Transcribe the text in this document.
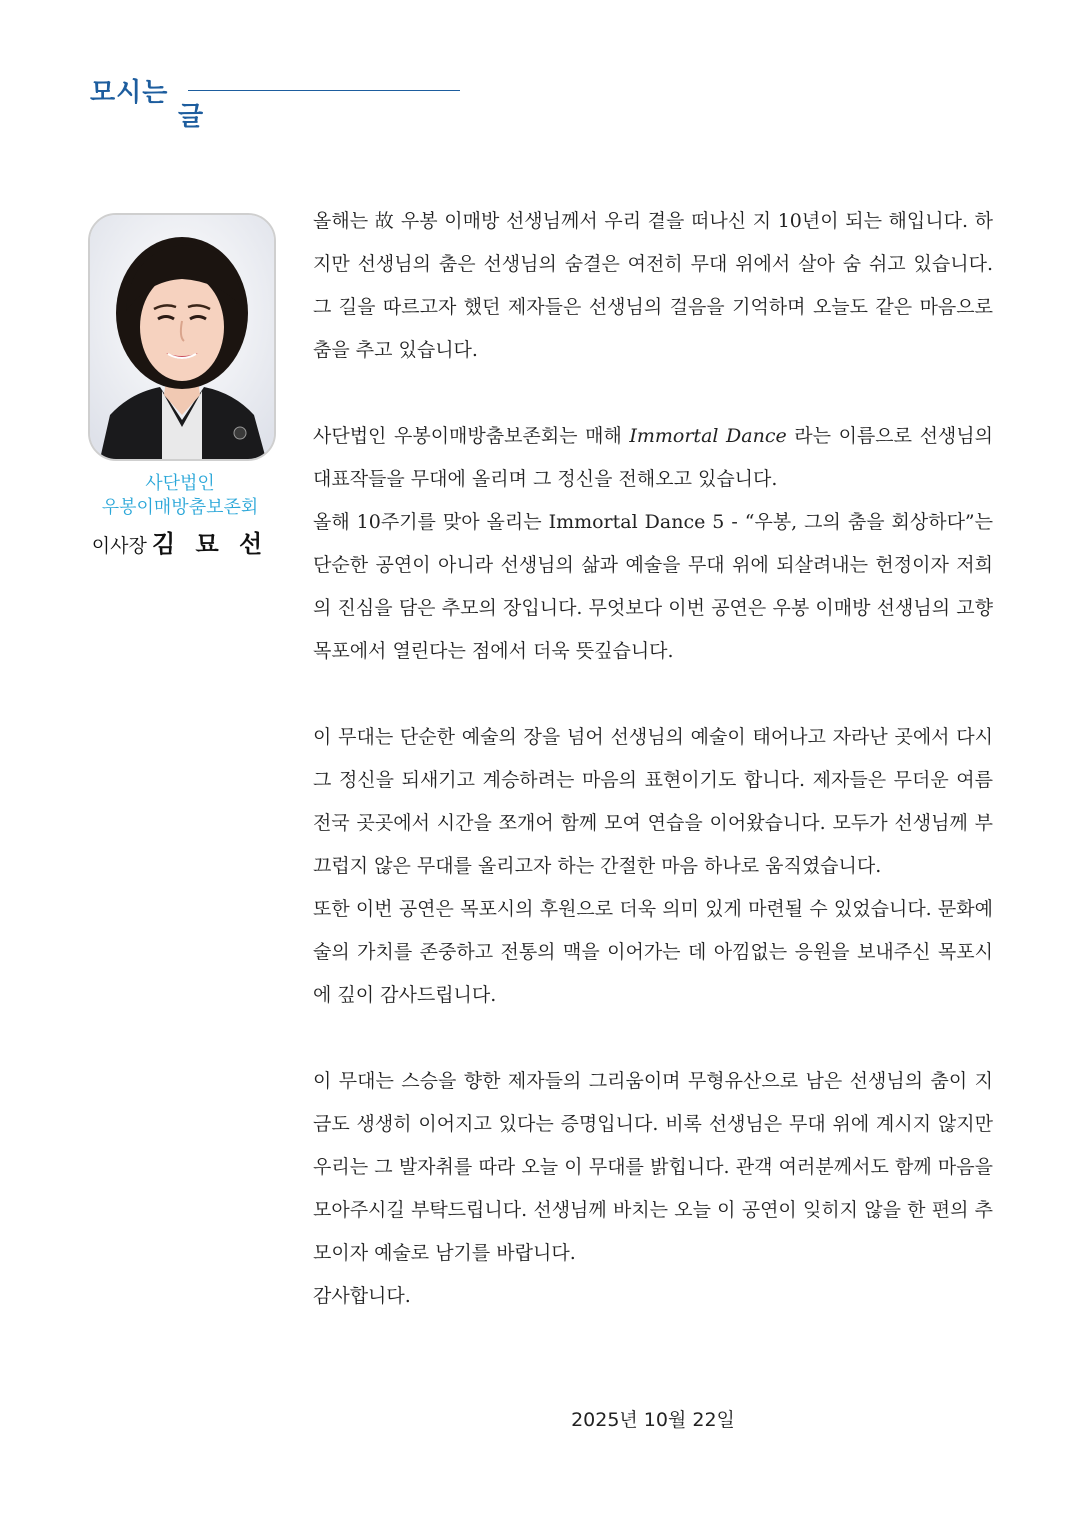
모시는
글
사단법인
우봉이매방춤보존회
이사장 김 묘 선

올해는 故 우봉 이매방 선생님께서 우리 곁을 떠나신 지 10년이 되는 해입니다. 하지만 선생님의 춤은 선생님의 숨결은 여전히 무대 위에서 살아 숨 쉬고 있습니다. 그 길을 따르고자 했던 제자들은 선생님의 걸음을 기억하며 오늘도 같은 마음으로 춤을 추고 있습니다.

사단법인 우봉이매방춤보존회는 매해 Immortal Dance 라는 이름으로 선생님의 대표작들을 무대에 올리며 그 정신을 전해오고 있습니다.

올해 10주기를 맞아 올리는 Immortal Dance 5 - “우봉, 그의 춤을 회상하다”는 단순한 공연이 아니라 선생님의 삶과 예술을 무대 위에 되살려내는 헌정이자 저희의 진심을 담은 추모의 장입니다. 무엇보다 이번 공연은 우봉 이매방 선생님의 고향 목포에서 열린다는 점에서 더욱 뜻깊습니다.

이 무대는 단순한 예술의 장을 넘어 선생님의 예술이 태어나고 자라난 곳에서 다시 그 정신을 되새기고 계승하려는 마음의 표현이기도 합니다. 제자들은 무더운 여름 전국 곳곳에서 시간을 쪼개어 함께 모여 연습을 이어왔습니다. 모두가 선생님께 부끄럽지 않은 무대를 올리고자 하는 간절한 마음 하나로 움직였습니다.

또한 이번 공연은 목포시의 후원으로 더욱 의미 있게 마련될 수 있었습니다. 문화예술의 가치를 존중하고 전통의 맥을 이어가는 데 아낌없는 응원을 보내주신 목포시에 깊이 감사드립니다.

이 무대는 스승을 향한 제자들의 그리움이며 무형유산으로 남은 선생님의 춤이 지금도 생생히 이어지고 있다는 증명입니다. 비록 선생님은 무대 위에 계시지 않지만 우리는 그 발자취를 따라 오늘 이 무대를 밝힙니다. 관객 여러분께서도 함께 마음을 모아주시길 부탁드립니다. 선생님께 바치는 오늘 이 공연이 잊히지 않을 한 편의 추모이자 예술로 남기를 바랍니다.

감사합니다.

2025년 10월 22일
